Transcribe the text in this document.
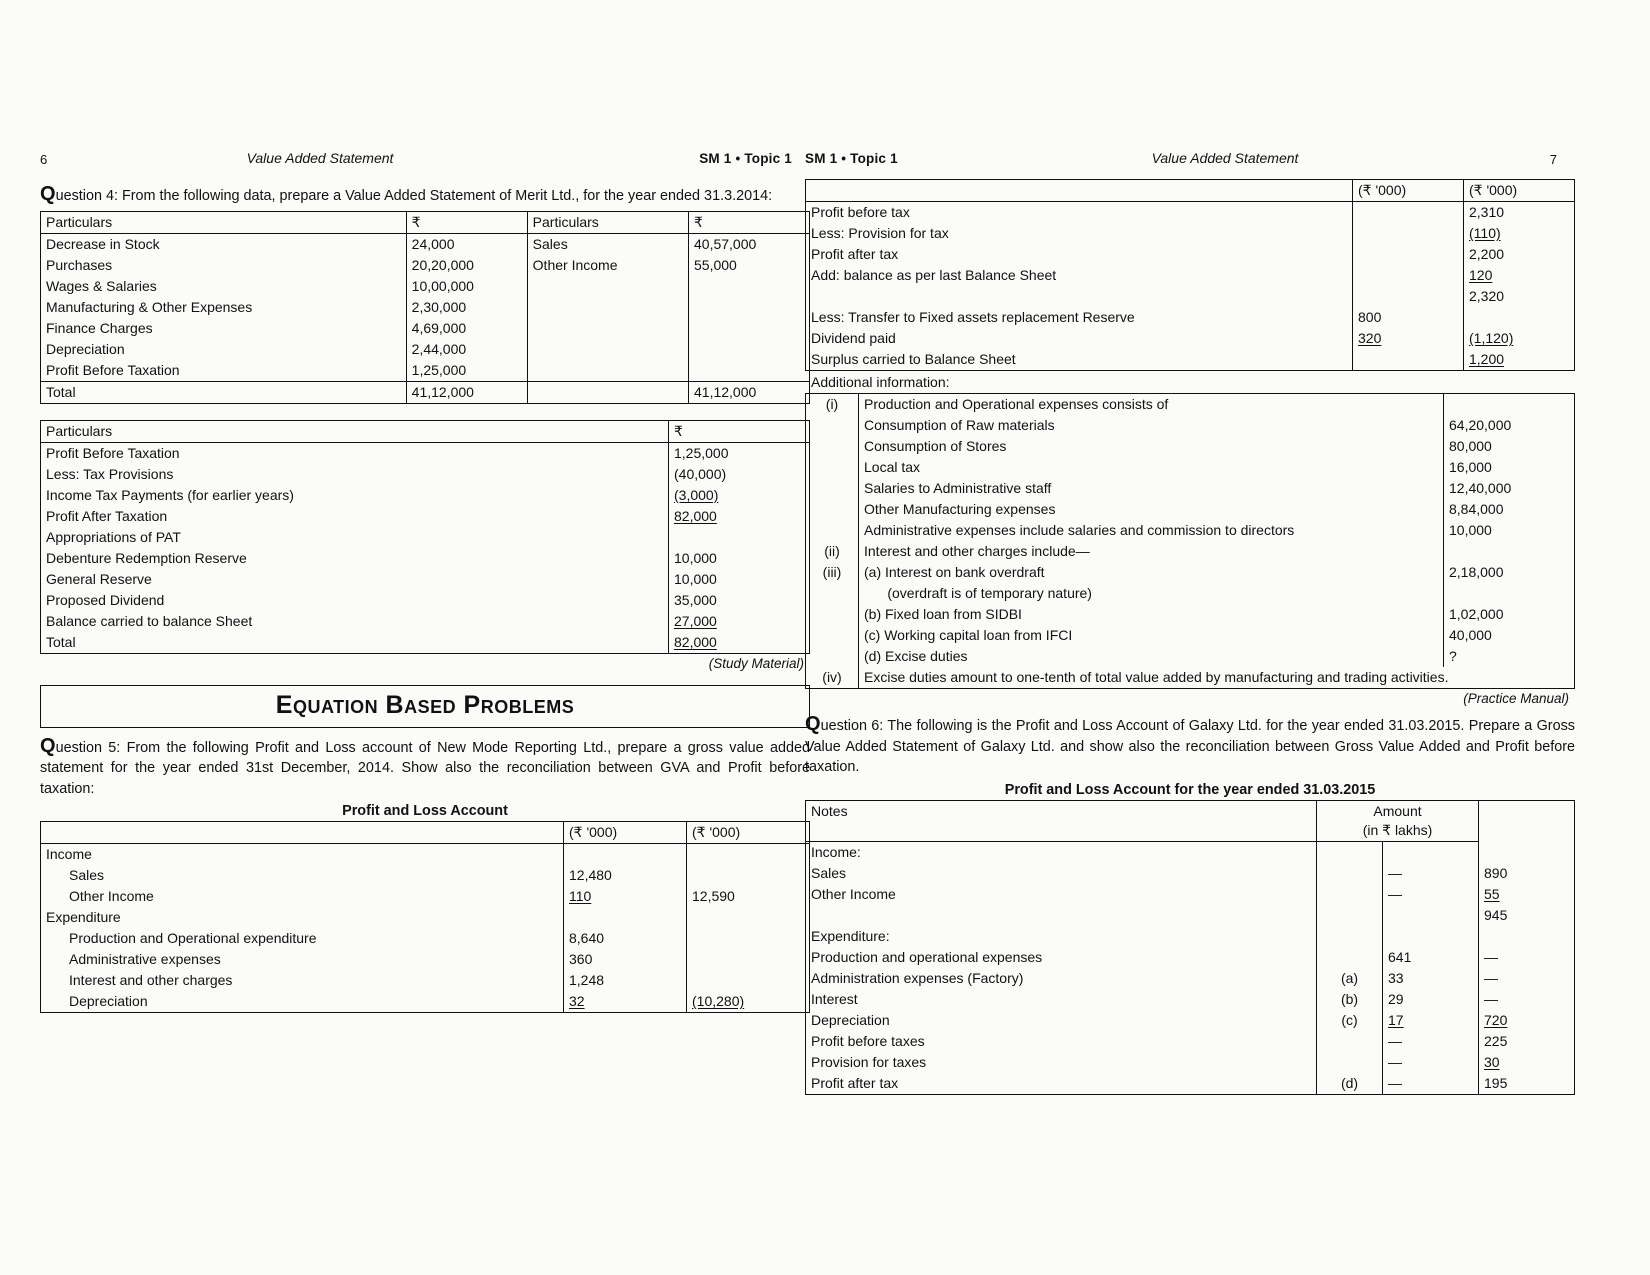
6	Value Added Statement	SM 1 • Topic 1
Question 4: From the following data, prepare a Value Added Statement of Merit Ltd., for the year ended 31.3.2014:
Particulars	₹	Particulars	₹
Decrease in Stock	24,000	Sales	40,57,000
Purchases	20,20,000	Other Income	55,000
Wages & Salaries	10,00,000		
Manufacturing & Other Expenses	2,30,000		
Finance Charges	4,69,000		
Depreciation	2,44,000		
Profit Before Taxation	1,25,000		
Total	41,12,000		41,12,000
Particulars	₹
Profit Before Taxation	1,25,000
Less: Tax Provisions	(40,000)
Income Tax Payments (for earlier years)	(3,000)
Profit After Taxation	82,000
Appropriations of PAT	
Debenture Redemption Reserve	10,000
General Reserve	10,000
Proposed Dividend	35,000
Balance carried to balance Sheet	27,000
Total	82,000
(Study Material)
Equation Based Problems
Question 5: From the following Profit and Loss account of New Mode Reporting Ltd., prepare a gross value added statement for the year ended 31st December, 2014. Show also the reconciliation between GVA and Profit before taxation:
Profit and Loss Account
	(₹ '000)	(₹ '000)
Income		
Sales	12,480	
Other Income	110	12,590
Expenditure		
Production and Operational expenditure	8,640	
Administrative expenses	360	
Interest and other charges	1,248	
Depreciation	32	(10,280)
SM 1 • Topic 1	Value Added Statement	7
	(₹ '000)	(₹ '000)
Profit before tax		2,310
Less: Provision for tax		(110)
Profit after tax		2,200
Add: balance as per last Balance Sheet		120
		2,320
Less: Transfer to Fixed assets replacement Reserve	800	
Dividend paid	320	(1,120)
Surplus carried to Balance Sheet		1,200
Additional information:
(i)	Production and Operational expenses consists of	
	Consumption of Raw materials	64,20,000
	Consumption of Stores	80,000
	Local tax	16,000
	Salaries to Administrative staff	12,40,000
	Other Manufacturing expenses	8,84,000
	Administrative expenses include salaries and commission to directors	10,000
(ii)	Interest and other charges include—	
(iii)	(a) Interest on bank overdraft	2,18,000
	(overdraft is of temporary nature)	
	(b) Fixed loan from SIDBI	1,02,000
	(c) Working capital loan from IFCI	40,000
	(d) Excise duties	?
(iv)	Excise duties amount to one-tenth of total value added by manufacturing and trading activities.	
(Practice Manual)
Question 6: The following is the Profit and Loss Account of Galaxy Ltd. for the year ended 31.03.2015. Prepare a Gross Value Added Statement of Galaxy Ltd. and show also the reconciliation between Gross Value Added and Profit before taxation.
Profit and Loss Account for the year ended 31.03.2015
Notes	Amount		
	(in ₹ lakhs)		
Income:			
Sales		—	890
Other Income		—	55
			945
Expenditure:			
Production and operational expenses		641	—
Administration expenses (Factory)	(a)	33	—
Interest	(b)	29	—
Depreciation	(c)	17	720
Profit before taxes		—	225
Provision for taxes		—	30
Profit after tax	(d)	—	195
